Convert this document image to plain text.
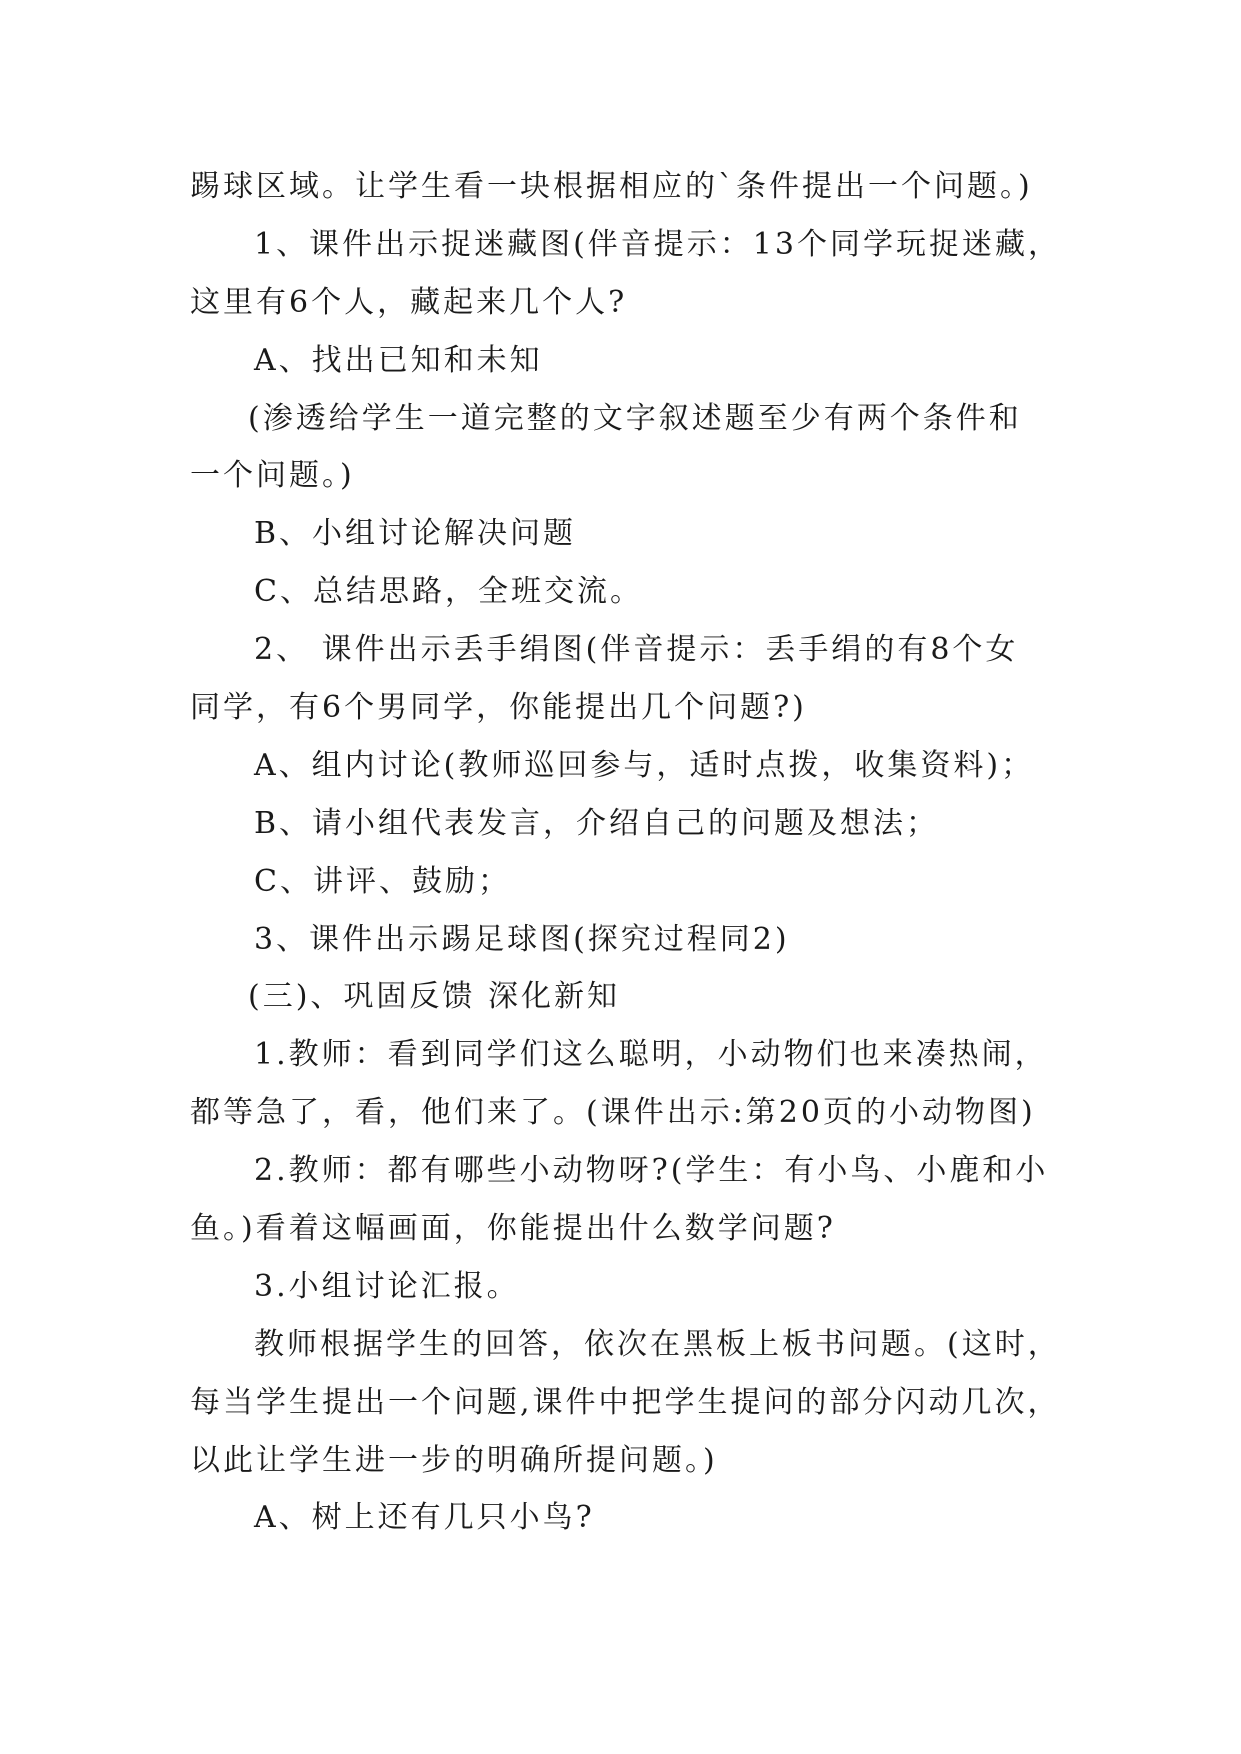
踢球区域。让学生看一块根据相应的`条件提出一个问题。)
1、课件出示捉迷藏图(伴音提示：13个同学玩捉迷藏，
这里有6个人，藏起来几个人?
A、找出已知和未知
(渗透给学生一道完整的文字叙述题至少有两个条件和
一个问题。)
B、小组讨论解决问题
C、总结思路，全班交流。
2、 课件出示丢手绢图(伴音提示：丢手绢的有8个女
同学，有6个男同学，你能提出几个问题?)
A、组内讨论(教师巡回参与，适时点拨，收集资料)；
B、请小组代表发言，介绍自己的问题及想法；
C、讲评、鼓励；
3、课件出示踢足球图(探究过程同2)
(三)、巩固反馈 深化新知
1.教师：看到同学们这么聪明，小动物们也来凑热闹，
都等急了，看，他们来了。(课件出示:第20页的小动物图)
2.教师：都有哪些小动物呀?(学生：有小鸟、小鹿和小
鱼。)看着这幅画面，你能提出什么数学问题?
3.小组讨论汇报。
教师根据学生的回答，依次在黑板上板书问题。(这时，
每当学生提出一个问题,课件中把学生提问的部分闪动几次，
以此让学生进一步的明确所提问题。)
A、树上还有几只小鸟?
